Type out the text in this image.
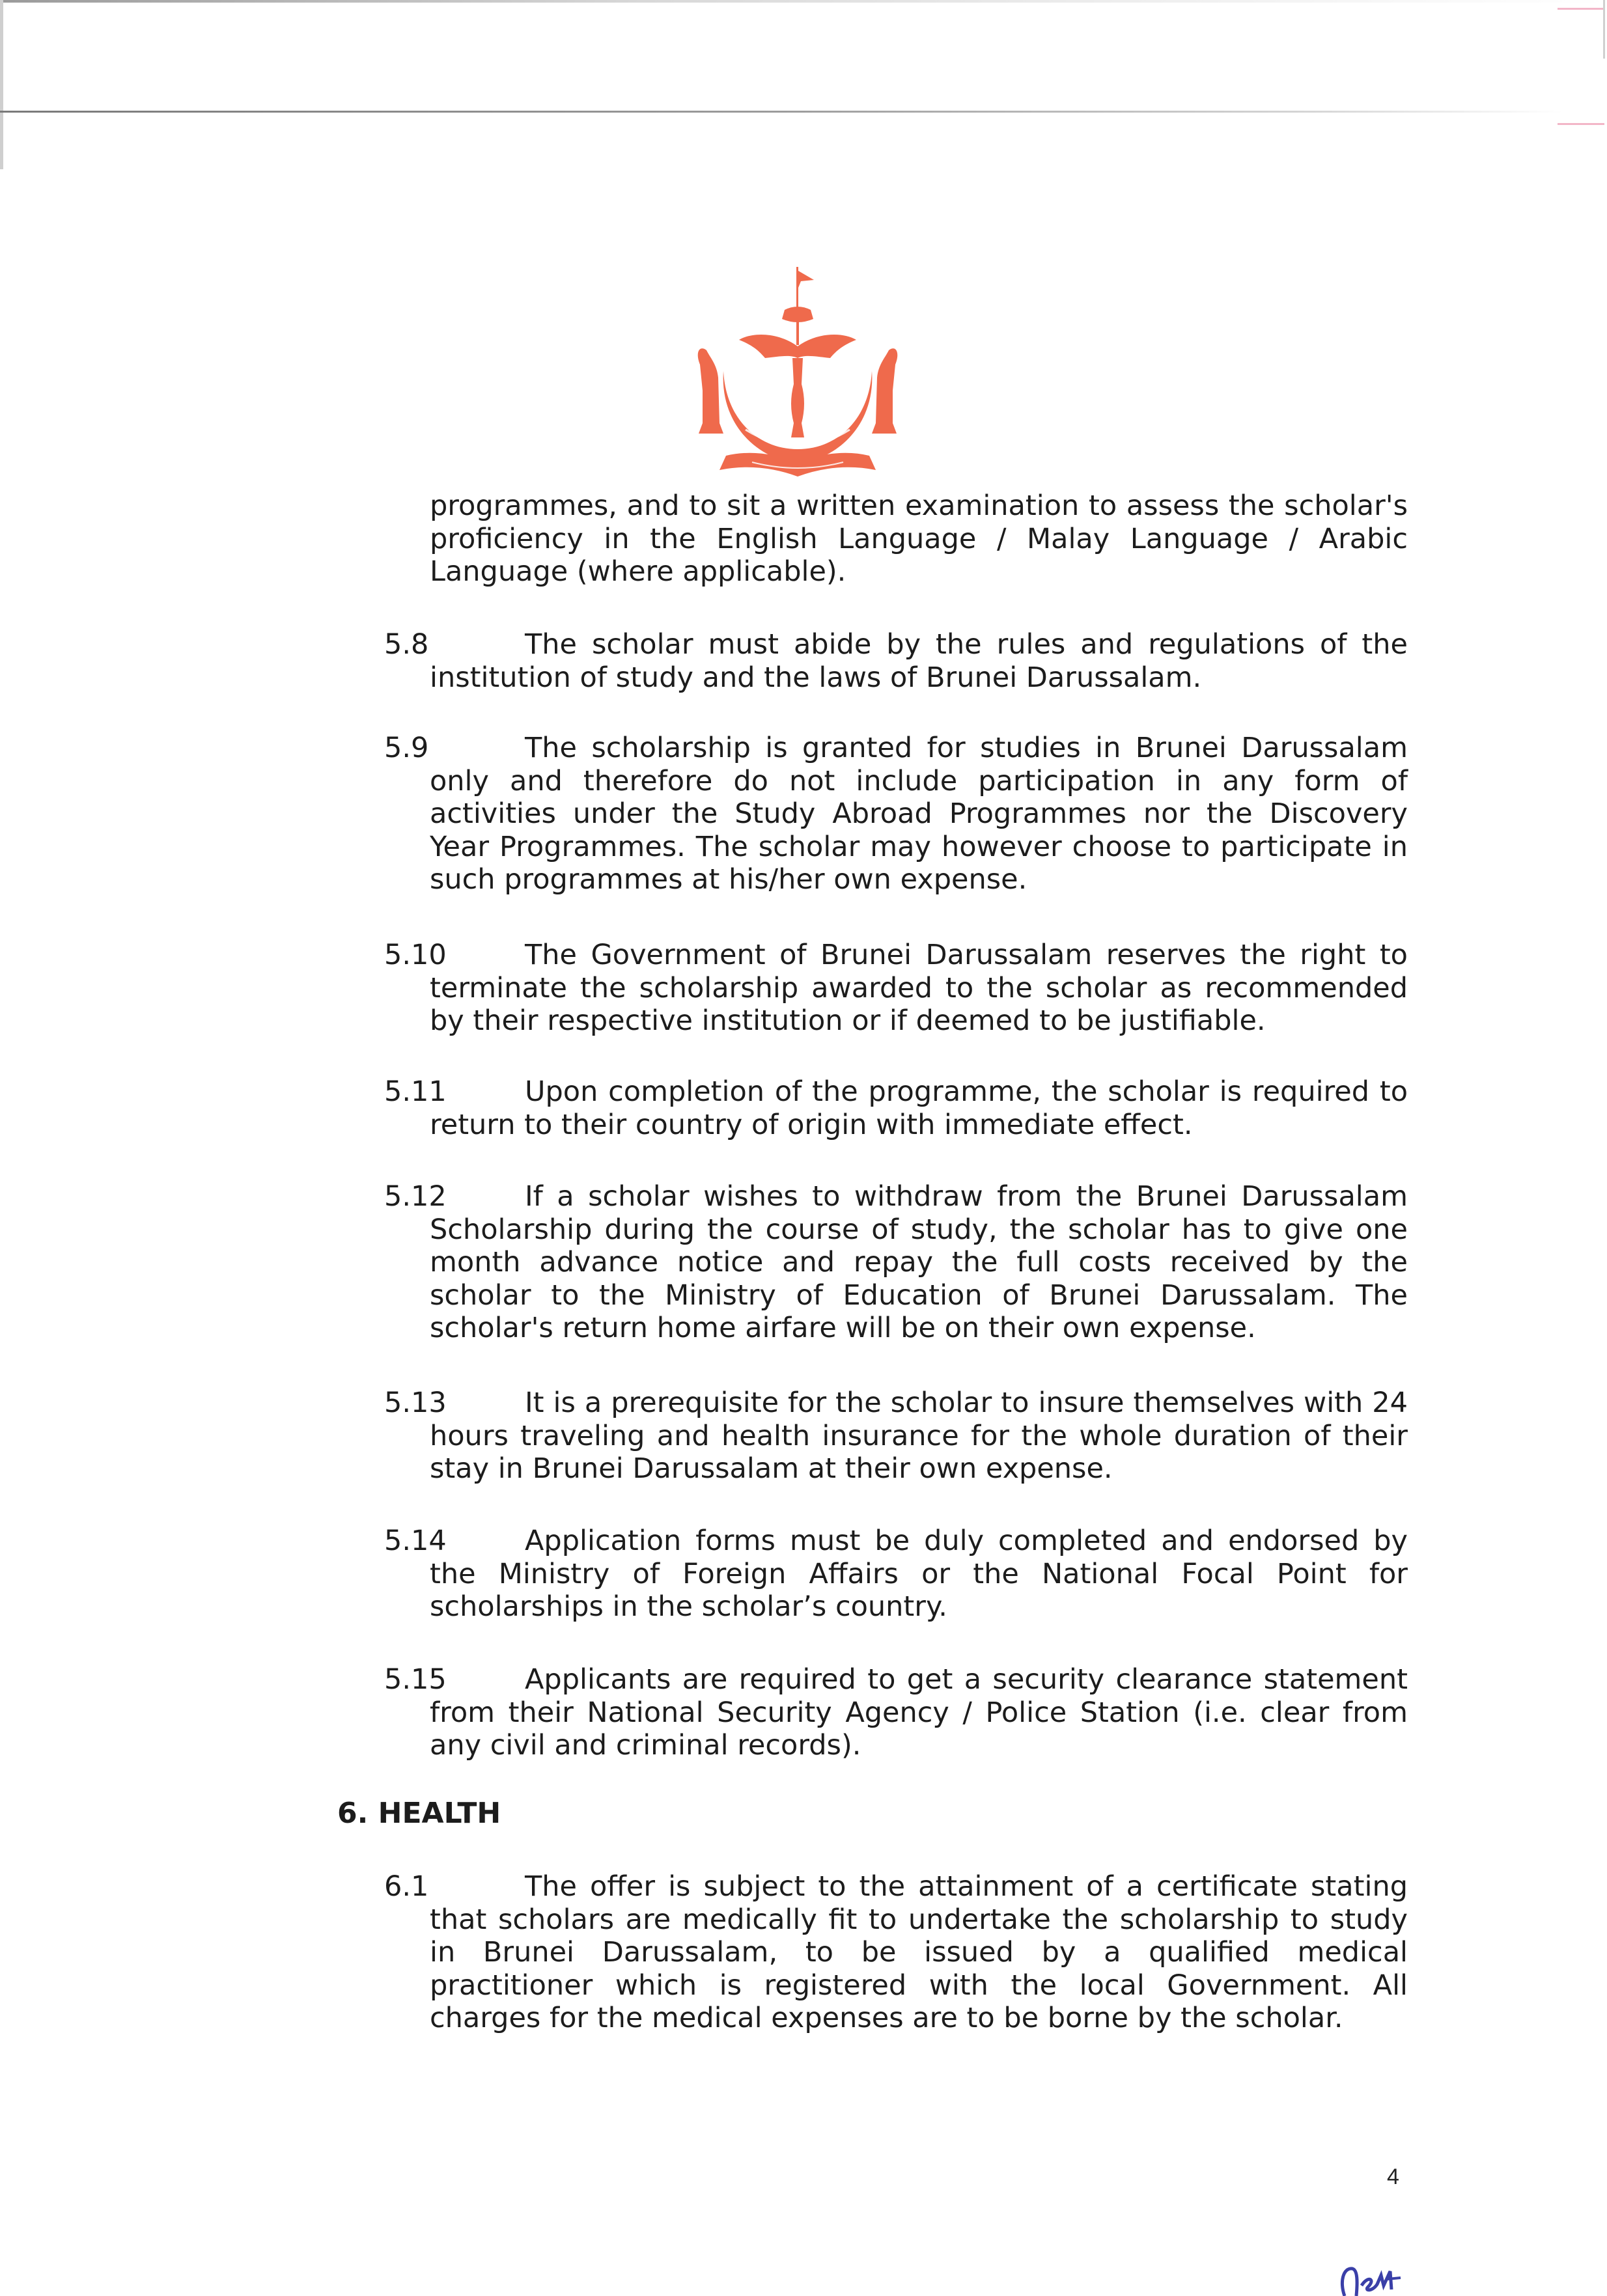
programmes, and to sit a written examination to assess the scholar's proficiency in the English Language / Malay Language / Arabic Language (where applicable).

5.8	The scholar must abide by the rules and regulations of the institution of study and the laws of Brunei Darussalam.

5.9	The scholarship is granted for studies in Brunei Darussalam only and therefore do not include participation in any form of activities under the Study Abroad Programmes nor the Discovery Year Programmes. The scholar may however choose to participate in such programmes at his/her own expense.

5.10	The Government of Brunei Darussalam reserves the right to terminate the scholarship awarded to the scholar as recommended by their respective institution or if deemed to be justifiable.

5.11	Upon completion of the programme, the scholar is required to return to their country of origin with immediate effect.

5.12	If a scholar wishes to withdraw from the Brunei Darussalam Scholarship during the course of study, the scholar has to give one month advance notice and repay the full costs received by the scholar to the Ministry of Education of Brunei Darussalam. The scholar's return home airfare will be on their own expense.

5.13	It is a prerequisite for the scholar to insure themselves with 24 hours traveling and health insurance for the whole duration of their stay in Brunei Darussalam at their own expense.

5.14	Application forms must be duly completed and endorsed by the Ministry of Foreign Affairs or the National Focal Point for scholarships in the scholar’s country.

5.15	Applicants are required to get a security clearance statement from their National Security Agency / Police Station (i.e. clear from any civil and criminal records).

6. HEALTH
6.1	The offer is subject to the attainment of a certificate stating that scholars are medically fit to undertake the scholarship to study in Brunei Darussalam, to be issued by a qualified medical practitioner which is registered with the local Government. All charges for the medical expenses are to be borne by the scholar.

4
